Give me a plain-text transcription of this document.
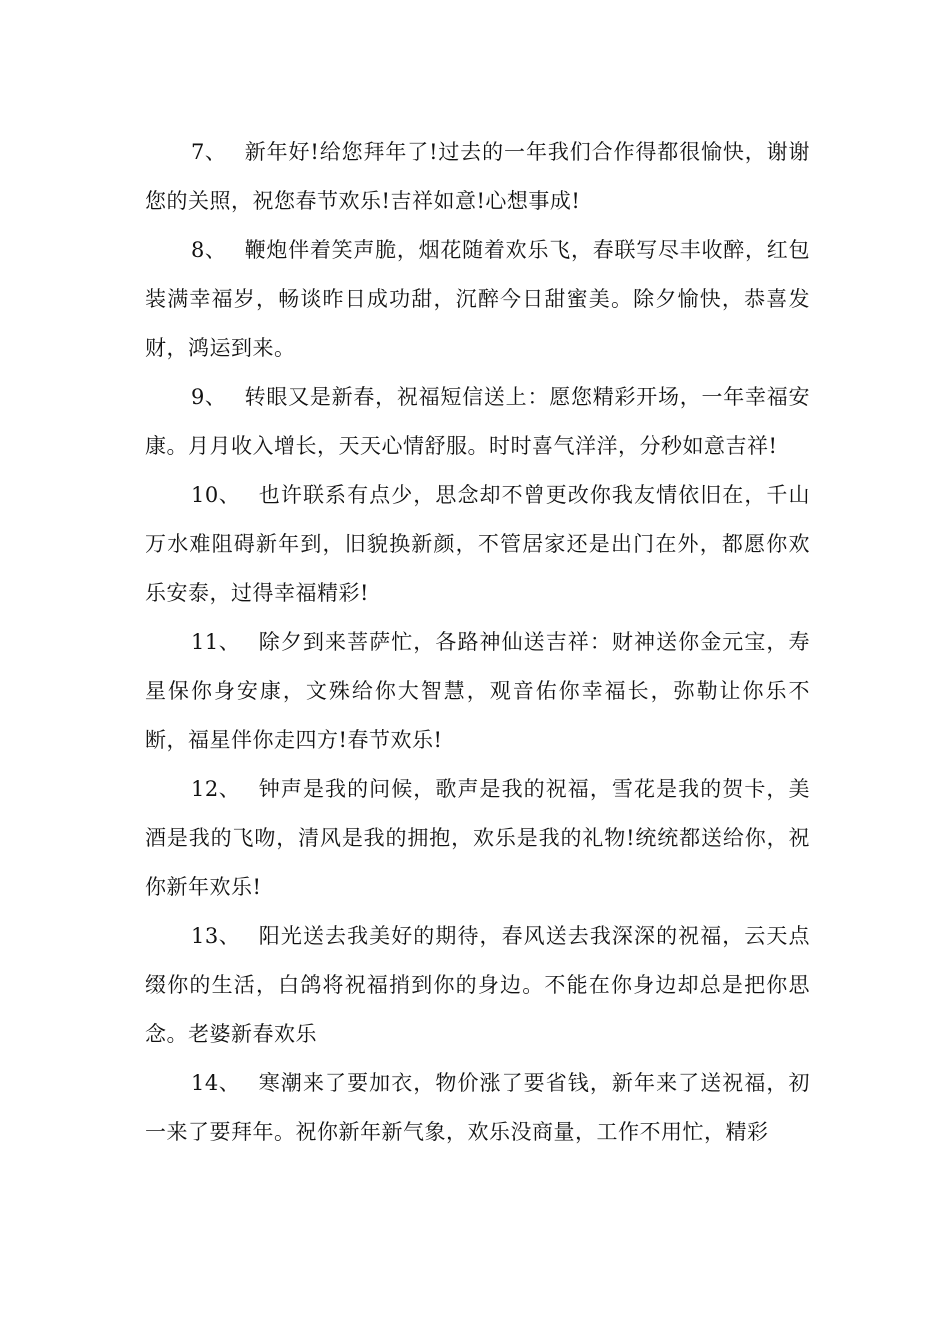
7、 新年好!给您拜年了!过去的一年我们合作得都很愉快，谢谢您的关照，祝您春节欢乐!吉祥如意!心想事成!

8、 鞭炮伴着笑声脆，烟花随着欢乐飞，春联写尽丰收醉，红包装满幸福岁，畅谈昨日成功甜，沉醉今日甜蜜美。除夕愉快，恭喜发财，鸿运到来。

9、 转眼又是新春，祝福短信送上：愿您精彩开场，一年幸福安康。月月收入增长，天天心情舒服。时时喜气洋洋，分秒如意吉祥!

10、 也许联系有点少，思念却不曾更改你我友情依旧在，千山万水难阻碍新年到，旧貌换新颜，不管居家还是出门在外，都愿你欢乐安泰，过得幸福精彩!

11、 除夕到来菩萨忙，各路神仙送吉祥：财神送你金元宝，寿星保你身安康，文殊给你大智慧，观音佑你幸福长，弥勒让你乐不断，福星伴你走四方!春节欢乐!

12、 钟声是我的问候，歌声是我的祝福，雪花是我的贺卡，美酒是我的飞吻，清风是我的拥抱，欢乐是我的礼物!统统都送给你，祝你新年欢乐!

13、 阳光送去我美好的期待，春风送去我深深的祝福，云天点缀你的生活，白鸽将祝福捎到你的身边。不能在你身边却总是把你思念。老婆新春欢乐

14、 寒潮来了要加衣，物价涨了要省钱，新年来了送祝福，初一来了要拜年。祝你新年新气象，欢乐没商量，工作不用忙，精彩
